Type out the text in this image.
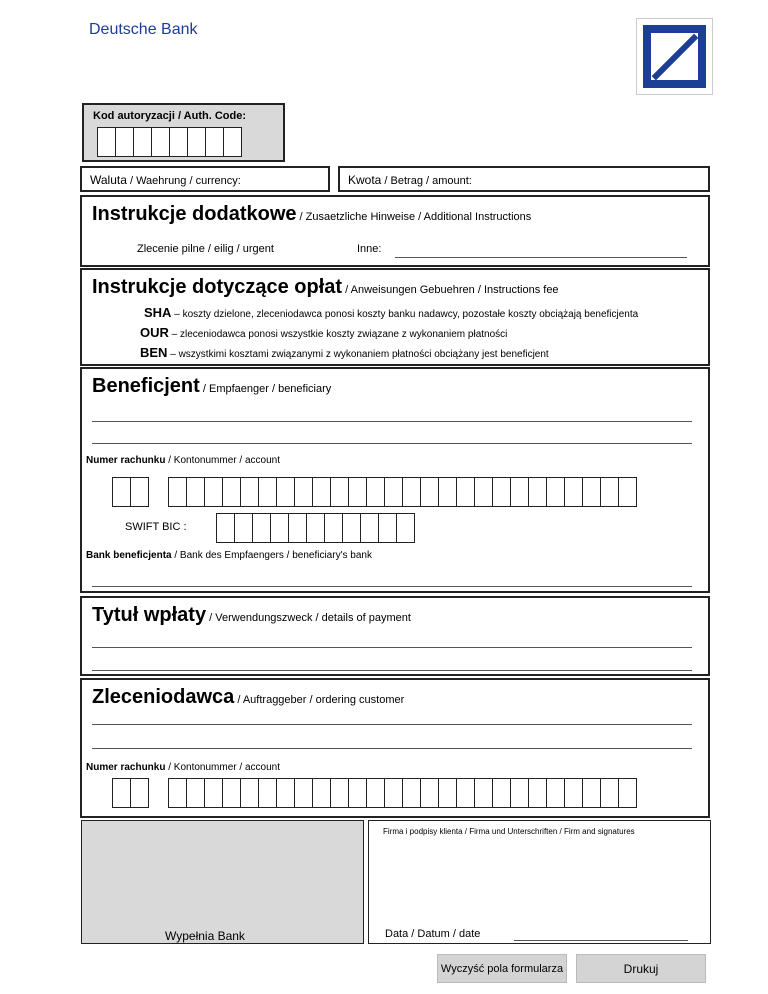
Deutsche Bank
Kod autoryzacji / Auth. Code:
Waluta / Waehrung / currency:	Kwota / Betrag / amount:
Instrukcje dodatkowe / Zusaetzliche Hinweise / Additional Instructions
Zlecenie pilne / eilig / urgent	Inne:
Instrukcje dotyczące opłat / Anweisungen Gebuehren / Instructions fee
SHA – koszty dzielone, zleceniodawca ponosi koszty banku nadawcy, pozostałe koszty obciążają beneficjenta
OUR – zleceniodawca ponosi wszystkie koszty związane z wykonaniem płatności
BEN – wszystkimi kosztami związanymi z wykonaniem płatności obciążany jest beneficjent
Beneficjent / Empfaenger / beneficiary
Numer rachunku / Kontonummer / account
SWIFT BIC :
Bank beneficjenta / Bank des Empfaengers / beneficiary's bank
Tytuł wpłaty / Verwendungszweck / details of payment
Zleceniodawca / Auftraggeber / ordering customer
Numer rachunku / Kontonummer / account
Wypełnia Bank
Firma i podpisy klienta / Firma und Unterschriften / Firm and signatures
Data / Datum / date
Wyczyść pola formularza	Drukuj
